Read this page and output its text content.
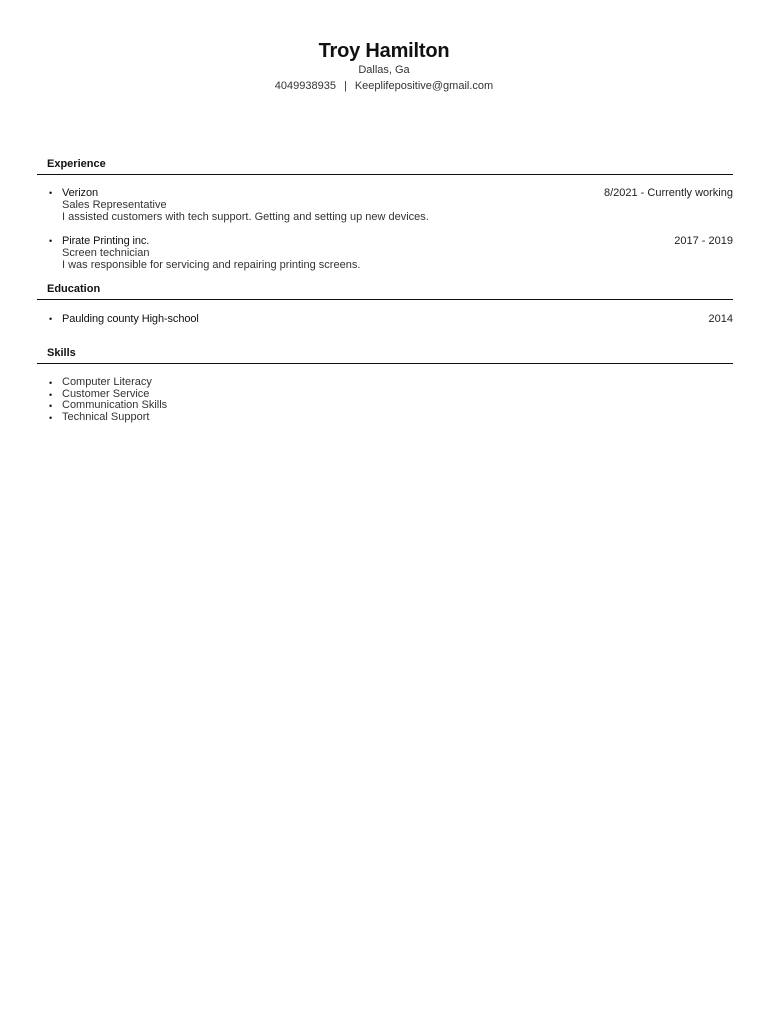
Troy Hamilton
Dallas, Ga
4049938935 | Keeplifepositive@gmail.com
Experience
• Verizon	8/2021 - Currently working
Sales Representative
I assisted customers with tech support. Getting and setting up new devices.
• Pirate Printing inc.	2017 - 2019
Screen technician
I was responsible for servicing and repairing printing screens.
Education
• Paulding county High-school	2014
Skills
• Computer Literacy
• Customer Service
• Communication Skills
• Technical Support
